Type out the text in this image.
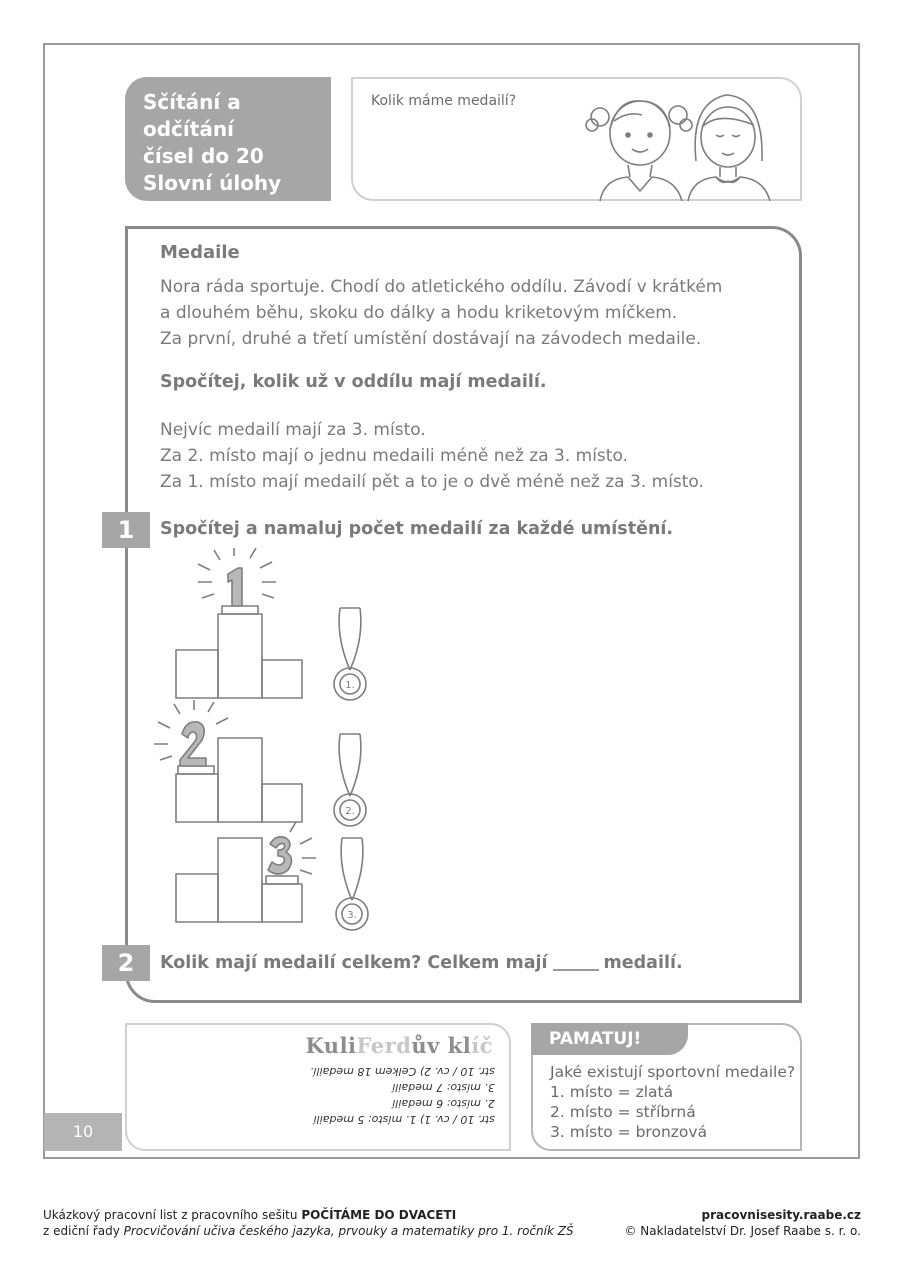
Sčítání a odčítání
čísel do 20
Slovní úlohy
Kolik máme medailí?
Medaile
Nora ráda sportuje. Chodí do atletického oddílu. Závodí v krátkém
a dlouhém běhu, skoku do dálky a hodu kriketovým míčkem.
Za první, druhé a třetí umístění dostávají na závodech medaile.
Spočítej, kolik už v oddílu mají medailí.
Nejvíc medailí mají za 3. místo.
Za 2. místo mají o jednu medaili méně než za 3. místo.
Za 1. místo mají medailí pět a to je o dvě méně než za 3. místo.
1	Spočítej a namaluj počet medailí za každé umístění.
1.
2.
3.
2	Kolik mají medailí celkem? Celkem mají	medailí.
KuliFerdův klíč
str. 10 / cv. 1) 1. místo: 5 medailí
2. místo: 6 medailí
3. místo: 7 medailí
str. 10 / cv. 2) Celkem 18 medailí.
PAMATUJ!
Jaké existují sportovní medaile?
1. místo = zlatá
2. místo = stříbrná
3. místo = bronzová
10
Ukázkový pracovní list z pracovního sešitu POČÍTÁME DO DVACETI
z ediční řady Procvičování učiva českého jazyka, prvouky a matematiky pro 1. ročník ZŠ
pracovnisesity.raabe.cz
© Nakladatelství Dr. Josef Raabe s. r. o.
